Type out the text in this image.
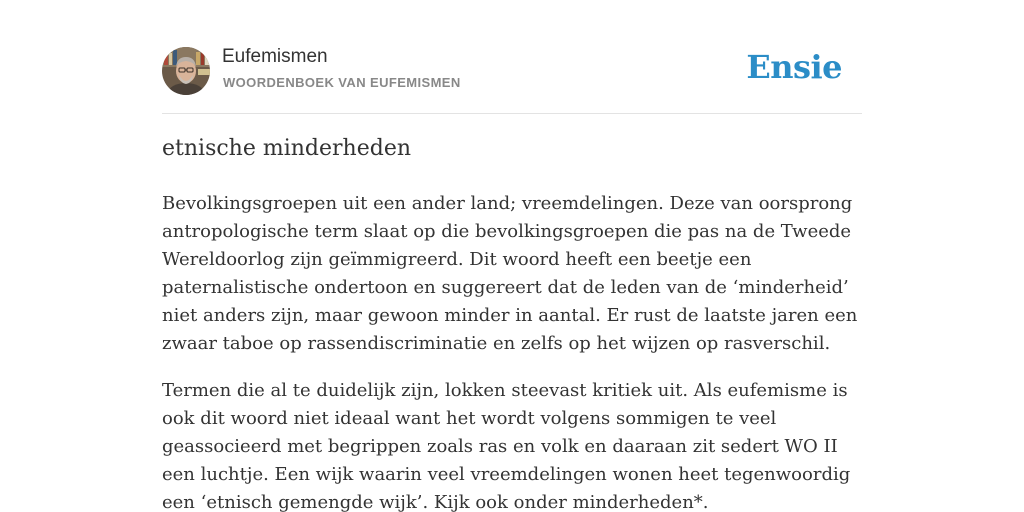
Eufemismen
WOORDENBOEK VAN EUFEMISMEN	Ensie
etnische minderheden

Bevolkingsgroepen uit een ander land; vreemdelingen. Deze van oorsprong antropologische term slaat op die bevolkingsgroepen die pas na de Tweede Wereldoorlog zijn geïmmigreerd. Dit woord heeft een beetje een paternalistische ondertoon en suggereert dat de leden van de ‘minderheid’ niet anders zijn, maar gewoon minder in aantal. Er rust de laatste jaren een zwaar taboe op rassendiscriminatie en zelfs op het wijzen op rasverschil.

Termen die al te duidelijk zijn, lokken steevast kritiek uit. Als eufemisme is ook dit woord niet ideaal want het wordt volgens sommigen te veel geassocieerd met begrippen zoals ras en volk en daaraan zit sedert WO II een luchtje. Een wijk waarin veel vreemdelingen wonen heet tegenwoordig een ‘etnisch gemengde wijk’. Kijk ook onder minderheden*.
